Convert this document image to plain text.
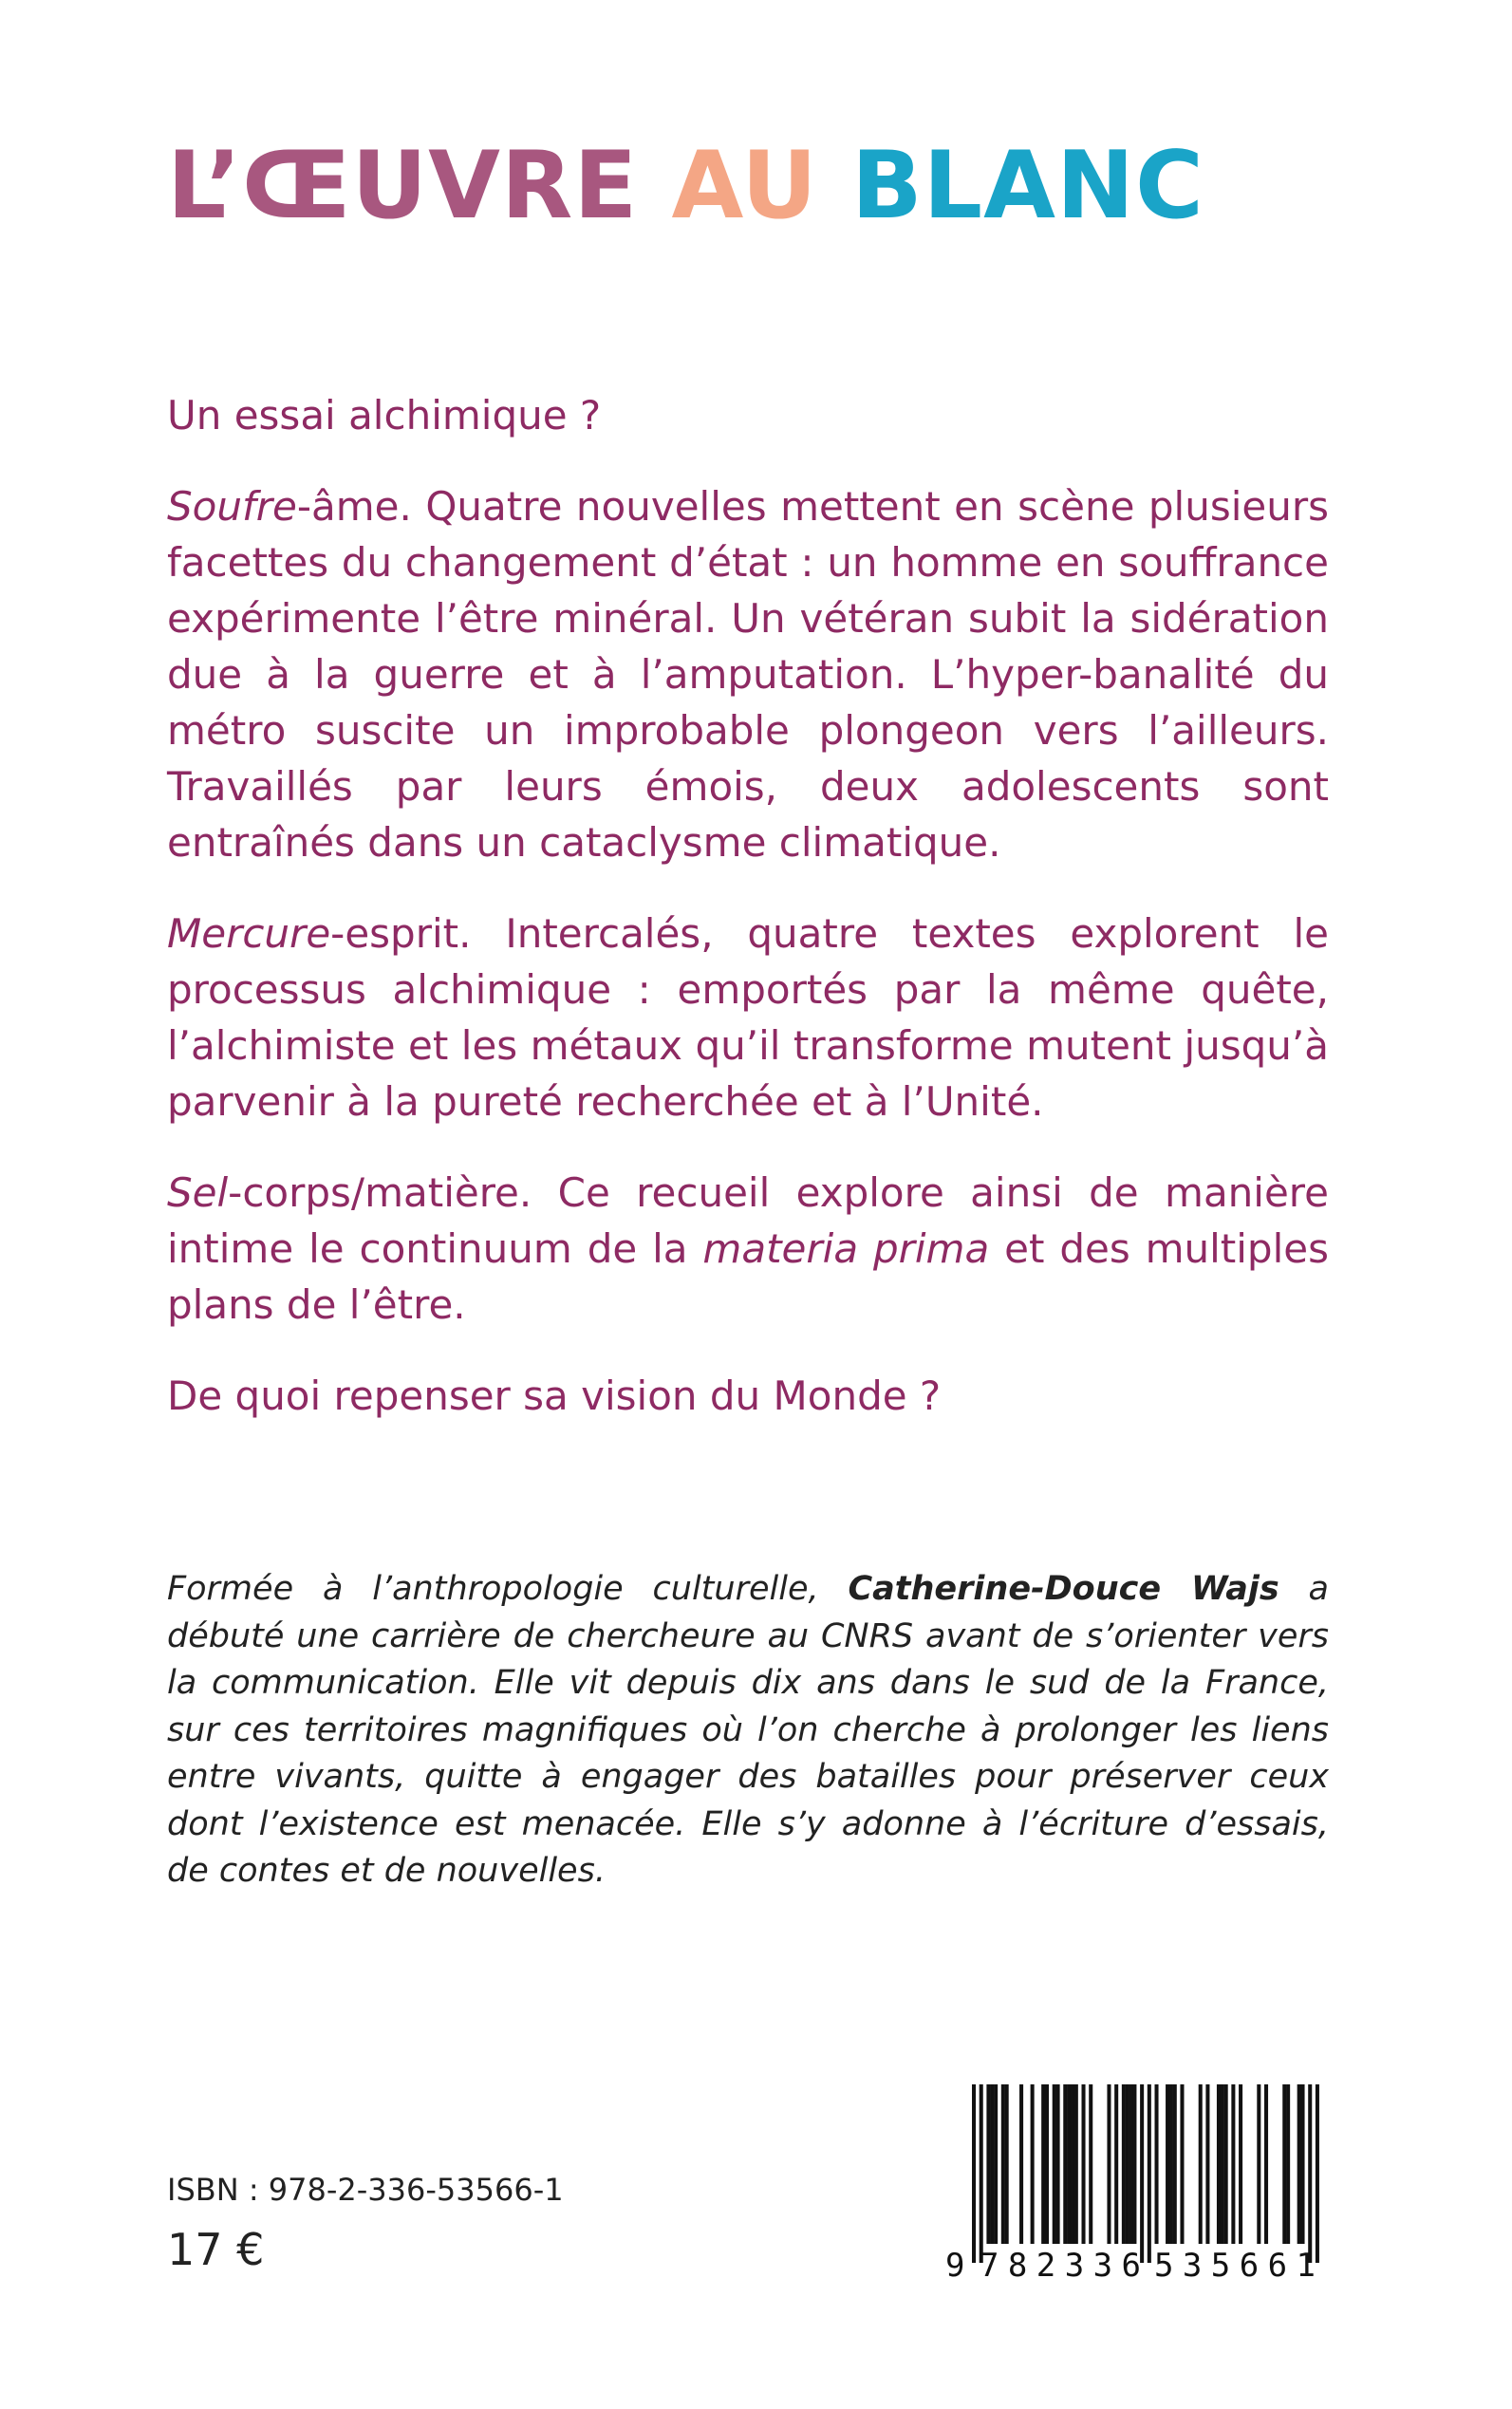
L’ŒUVRE AU BLANC

Un essai alchimique ?

Soufre-âme. Quatre nouvelles mettent en scène plusieurs facettes du changement d’état : un homme en souffrance expérimente l’être minéral. Un vétéran subit la sidération due à la guerre et à l’amputation. L’hyper-banalité du métro suscite un improbable plongeon vers l’ailleurs. Travaillés par leurs émois, deux adolescents sont entraînés dans un cataclysme climatique.

Mercure-esprit. Intercalés, quatre textes explorent le processus alchimique : emportés par la même quête, l’alchimiste et les métaux qu’il transforme mutent jusqu’à parvenir à la pureté recherchée et à l’Unité.

Sel-corps/matière. Ce recueil explore ainsi de manière intime le continuum de la materia prima et des multiples plans de l’être.

De quoi repenser sa vision du Monde ?

Formée à l’anthropologie culturelle, Catherine-Douce Wajs a débuté une carrière de chercheure au CNRS avant de s’orienter vers la communication. Elle vit depuis dix ans dans le sud de la France, sur ces territoires magnifiques où l’on cherche à prolonger les liens entre vivants, quitte à engager des batailles pour préserver ceux dont l’existence est menacée. Elle s’y adonne à l’écriture d’essais, de contes et de nouvelles.

ISBN : 978-2-336-53566-1

17 €	9 782336 535661
